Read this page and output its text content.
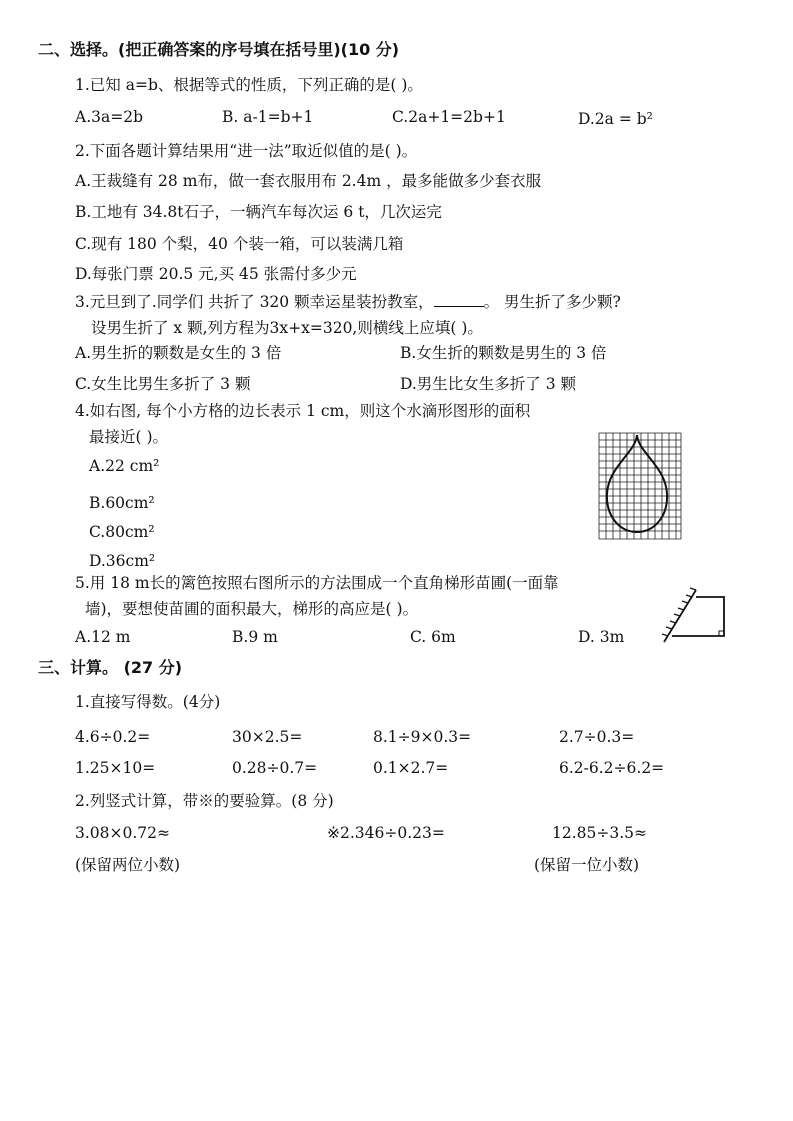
二、选择。(把正确答案的序号填在括号里)(10 分)
1.已知 a=b、根据等式的性质，下列正确的是( )。
A.3a=2b	B. a-1=b+1	C.2a+1=2b+1	D.2a = b²
2.下面各题计算结果用“进一法”取近似值的是( )。
A.王裁缝有 28 m布，做一套衣服用布 2.4m ，最多能做多少套衣服
B.工地有 34.8t石子，一辆汽车每次运 6 t，几次运完
C.现有 180 个梨，40 个装一箱，可以装满几箱
D.每张门票 20.5 元,买 45 张需付多少元
3.元旦到了.同学们 共折了 320 颗幸运星装扮教室，	。 男生折了多少颗?
设男生折了 x 颗,列方程为3x+x=320,则横线上应填( )。
A.男生折的颗数是女生的 3 倍	B.女生折的颗数是男生的 3 倍
C.女生比男生多折了 3 颗	D.男生比女生多折了 3 颗
4.如右图, 每个小方格的边长表示 1 cm，则这个水滴形图形的面积
最接近( )。
A.22 cm²
B.60cm²
C.80cm²
D.36cm²
5.用 18 m长的篱笆按照右图所示的方法围成一个直角梯形苗圃(一面靠
墙)，要想使苗圃的面积最大，梯形的高应是( )。
A.12 m	B.9 m	C. 6m	D. 3m
三、计算。 (27 分)
1.直接写得数。(4分)
4.6÷0.2=	30×2.5=	8.1÷9×0.3=	2.7÷0.3=
1.25×10=	0.28÷0.7=	0.1×2.7=	6.2-6.2÷6.2=
2.列竖式计算，带※的要验算。(8 分)
3.08×0.72≈	※2.346÷0.23=	12.85÷3.5≈
(保留两位小数)	(保留一位小数)
